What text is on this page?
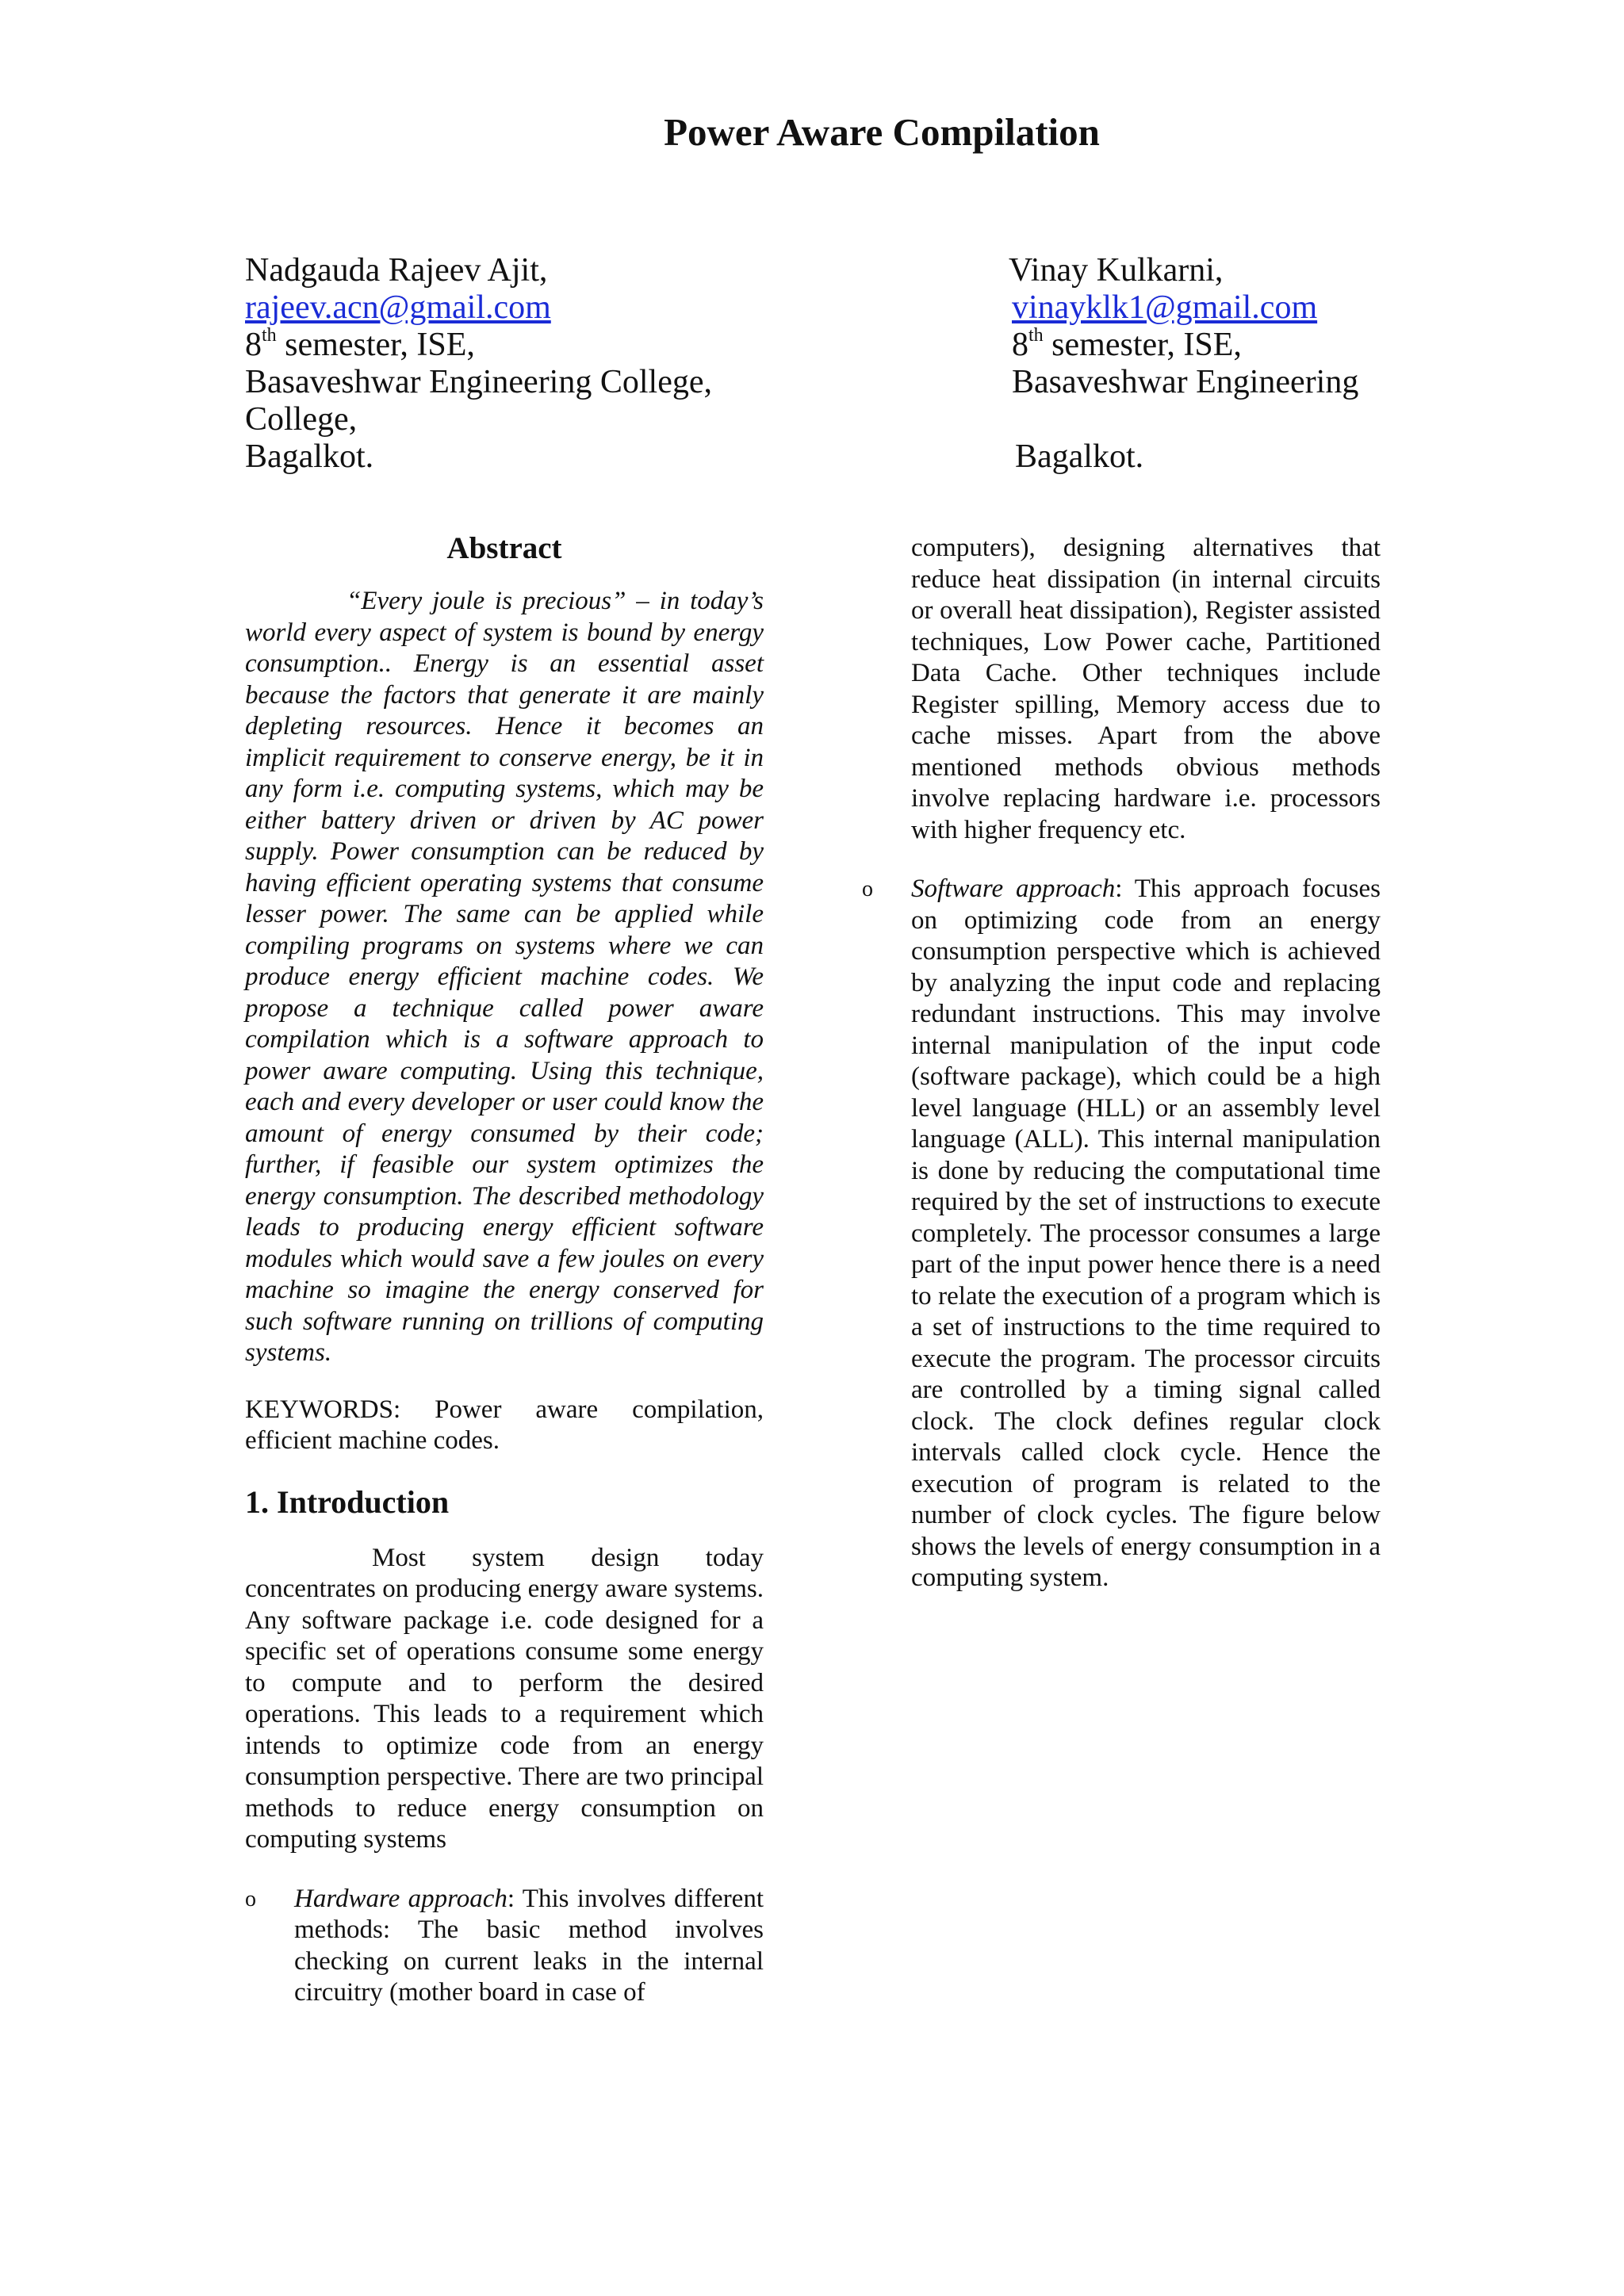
Power Aware Compilation
Nadgauda Rajeev Ajit,
rajeev.acn@gmail.com
8th semester, ISE,
Basaveshwar Engineering College,
College,
Bagalkot.
Vinay Kulkarni,
vinayklk1@gmail.com
8th semester, ISE,
Basaveshwar Engineering
Bagalkot.
Abstract

“Every joule is precious” – in today’s world every aspect of system is bound by energy consumption.. Energy is an essential asset because the factors that generate it are mainly depleting resources. Hence it becomes an implicit requirement to conserve energy, be it in any form i.e. computing systems, which may be either battery driven or driven by AC power supply. Power consumption can be reduced by having efficient operating systems that consume lesser power. The same can be applied while compiling programs on systems where we can produce energy efficient machine codes. We propose a technique called power aware compilation which is a software approach to power aware computing. Using this technique, each and every developer or user could know the amount of energy consumed by their code; further, if feasible our system optimizes the energy consumption. The described methodology leads to producing energy efficient software modules which would save a few joules on every machine so imagine the energy conserved for such software running on trillions of computing systems.

KEYWORDS: Power aware compilation, efficient machine codes.

1. Introduction

Most system design today concentrates on producing energy aware systems. Any software package i.e. code designed for a specific set of operations consume some energy to compute and to perform the desired operations. This leads to a requirement which intends to optimize code from an energy consumption perspective. There are two principal methods to reduce energy consumption on computing systems

o Hardware approach: This involves different methods: The basic method involves checking on current leaks in the internal circuitry (mother board in case of

computers), designing alternatives that reduce heat dissipation (in internal circuits or overall heat dissipation), Register assisted techniques, Low Power cache, Partitioned Data Cache. Other techniques include Register spilling, Memory access due to cache misses. Apart from the above mentioned methods obvious methods involve replacing hardware i.e. processors with higher frequency etc.

o Software approach: This approach focuses on optimizing code from an energy consumption perspective which is achieved by analyzing the input code and replacing redundant instructions. This may involve internal manipulation of the input code (software package), which could be a high level language (HLL) or an assembly level language (ALL). This internal manipulation is done by reducing the computational time required by the set of instructions to execute completely. The processor consumes a large part of the input power hence there is a need to relate the execution of a program which is a set of instructions to the time required to execute the program. The processor circuits are controlled by a timing signal called clock. The clock defines regular clock intervals called clock cycle. Hence the execution of program is related to the number of clock cycles. The figure below shows the levels of energy consumption in a computing system.
